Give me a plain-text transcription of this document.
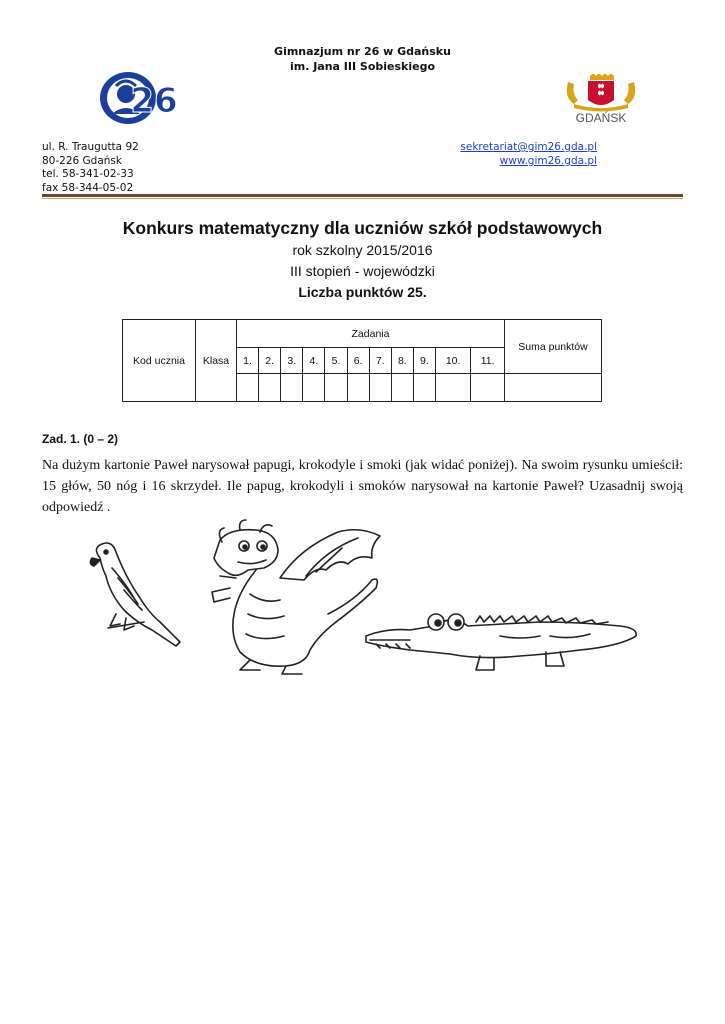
Gimnazjum nr 26 w Gdańsku
im. Jana III Sobieskiego
26	GDAŃSK
ul. R. Traugutta 92
80-226 Gdańsk
tel. 58-341-02-33
fax 58-344-05-02
sekretariat@gim26.gda.pl
www.gim26.gda.pl
Konkurs matematyczny dla uczniów szkół podstawowych
rok szkolny 2015/2016
III stopień - wojewódzki
Liczba punktów 25.
Kod ucznia	Klasa	Zadania											Suma punktów
		1.	2.	3.	4.	5.	6.	7.	8.	9.	10.	11.	

Zad. 1. (0 – 2)
Na dużym kartonie Paweł narysował papugi, krokodyle i smoki (jak widać poniżej). Na swoim rysunku umieścił: 15 głów, 50 nóg i 16 skrzydeł. Ile papug, krokodyli i smoków narysował na kartonie Paweł? Uzasadnij swoją odpowiedź .
